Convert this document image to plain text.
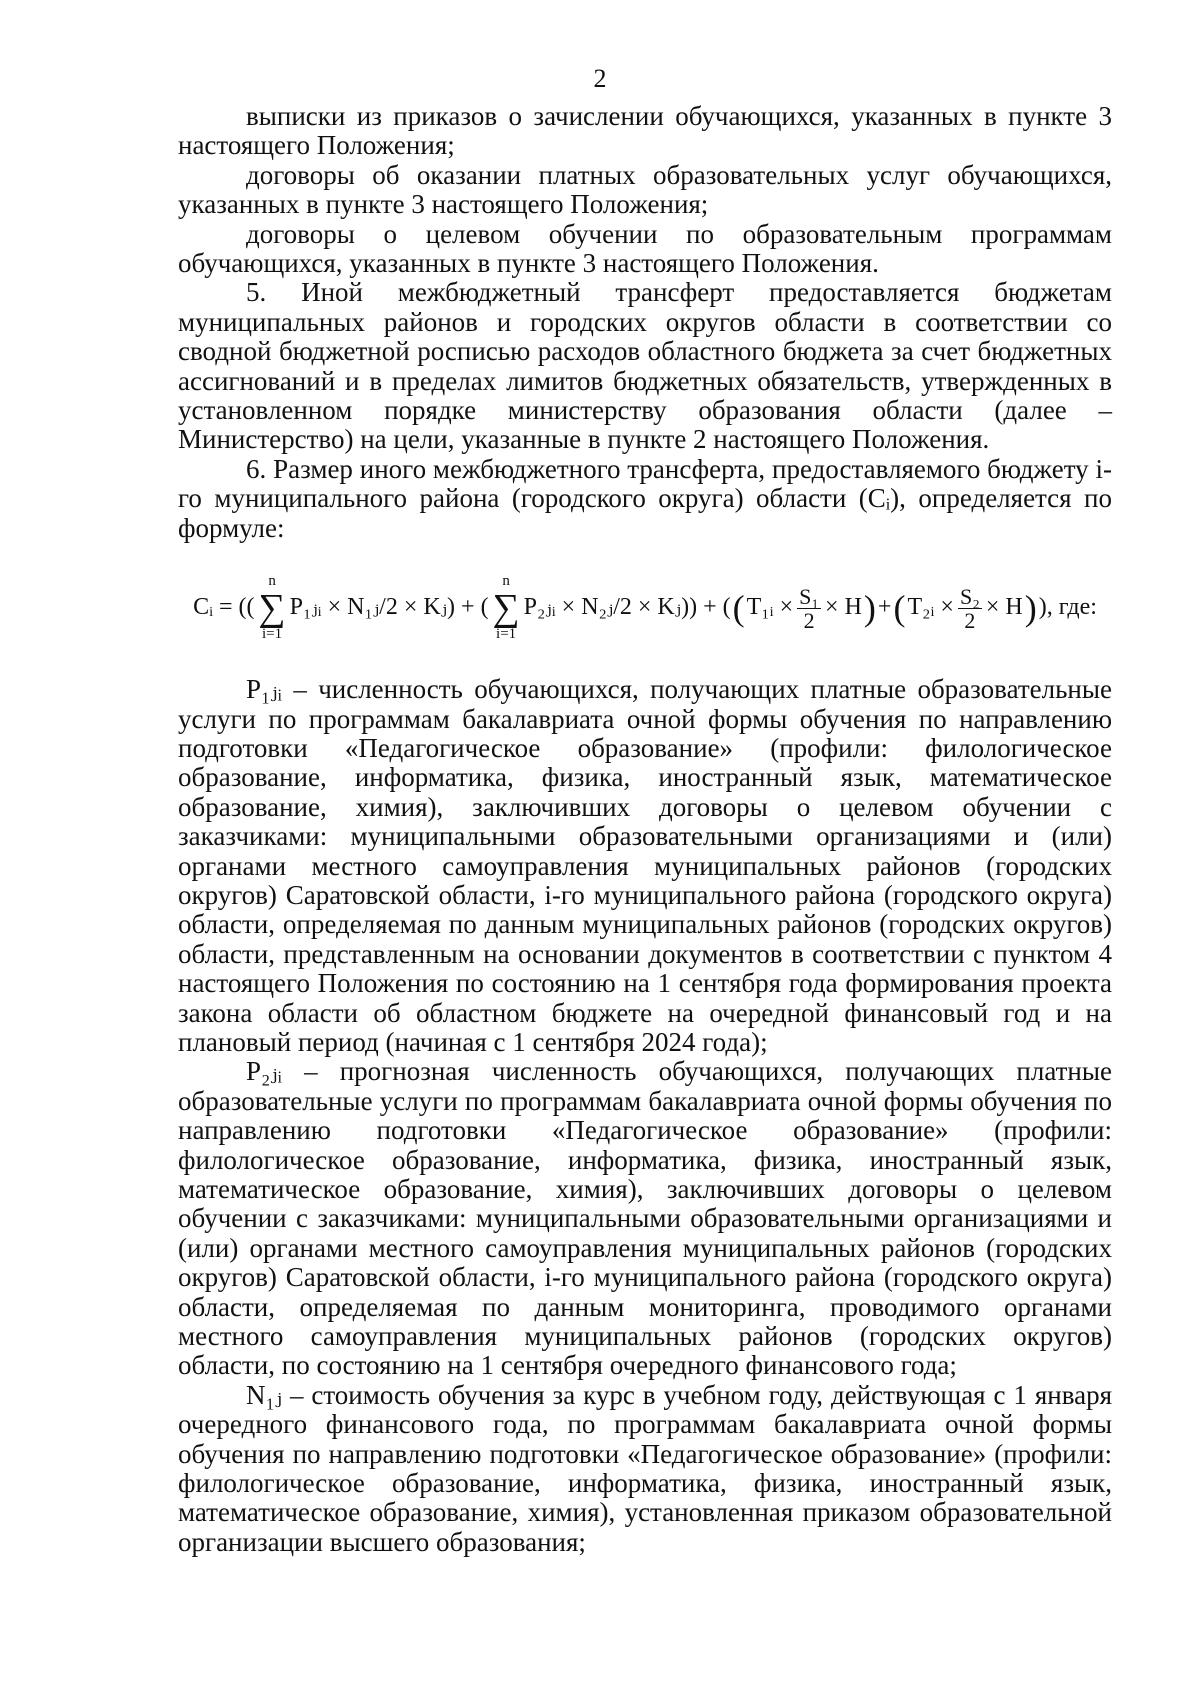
2

выписки из приказов о зачислении обучающихся, указанных в пункте 3 настоящего Положения;

договоры об оказании платных образовательных услуг обучающихся, указанных в пункте 3 настоящего Положения;

договоры о целевом обучении по образовательным программам обучающихся, указанных в пункте 3 настоящего Положения.

5. Иной межбюджетный трансферт предоставляется бюджетам муниципальных районов и городских округов области в соответствии со сводной бюджетной росписью расходов областного бюджета за счет бюджетных ассигнований и в пределах лимитов бюджетных обязательств, утвержденных в установленном порядке министерству образования области (далее – Министерство) на цели, указанные в пункте 2 настоящего Положения.

6. Размер иного межбюджетного трансферта, предоставляемого бюджету i-го муниципального района (городского округа) области (Cᵢ), определяется по формуле:

Cᵢ = ((
n
∑
i=1
P₁ⱼᵢ × N₁ⱼ/2 × Kⱼ) + (
n
∑
i=1
P₂ⱼᵢ × N₂ⱼ/2 × Kⱼ)) + ( ( T₁ᵢ × $\frac{\text{S₁}}{2} \times H$ ) + ( T₂ᵢ × $\frac{\text{S₂}}{2} \times H$ ) ), где:

P₁ⱼᵢ – численность обучающихся, получающих платные образовательные услуги по программам бакалавриата очной формы обучения по направлению подготовки «Педагогическое образование» (профили: филологическое образование, информатика, физика, иностранный язык, математическое образование, химия), заключивших договоры о целевом обучении с заказчиками: муниципальными образовательными организациями и (или) органами местного самоуправления муниципальных районов (городских округов) Саратовской области, i-го муниципального района (городского округа) области, определяемая по данным муниципальных районов (городских округов) области, представленным на основании документов в соответствии с пунктом 4 настоящего Положения по состоянию на 1 сентября года формирования проекта закона области об областном бюджете на очередной финансовый год и на плановый период (начиная с 1 сентября 2024 года);

P₂ⱼᵢ – прогнозная численность обучающихся, получающих платные образовательные услуги по программам бакалавриата очной формы обучения по направлению подготовки «Педагогическое образование» (профили: филологическое образование, информатика, физика, иностранный язык, математическое образование, химия), заключивших договоры о целевом обучении с заказчиками: муниципальными образовательными организациями и (или) органами местного самоуправления муниципальных районов (городских округов) Саратовской области, i-го муниципального района (городского округа) области, определяемая по данным мониторинга, проводимого органами местного самоуправления муниципальных районов (городских округов) области, по состоянию на 1 сентября очередного финансового года;

N₁ⱼ – стоимость обучения за курс в учебном году, действующая с 1 января очередного финансового года, по программам бакалавриата очной формы обучения по направлению подготовки «Педагогическое образование» (профили: филологическое образование, информатика, физика, иностранный язык, математическое образование, химия), установленная приказом образовательной организации высшего образования;
